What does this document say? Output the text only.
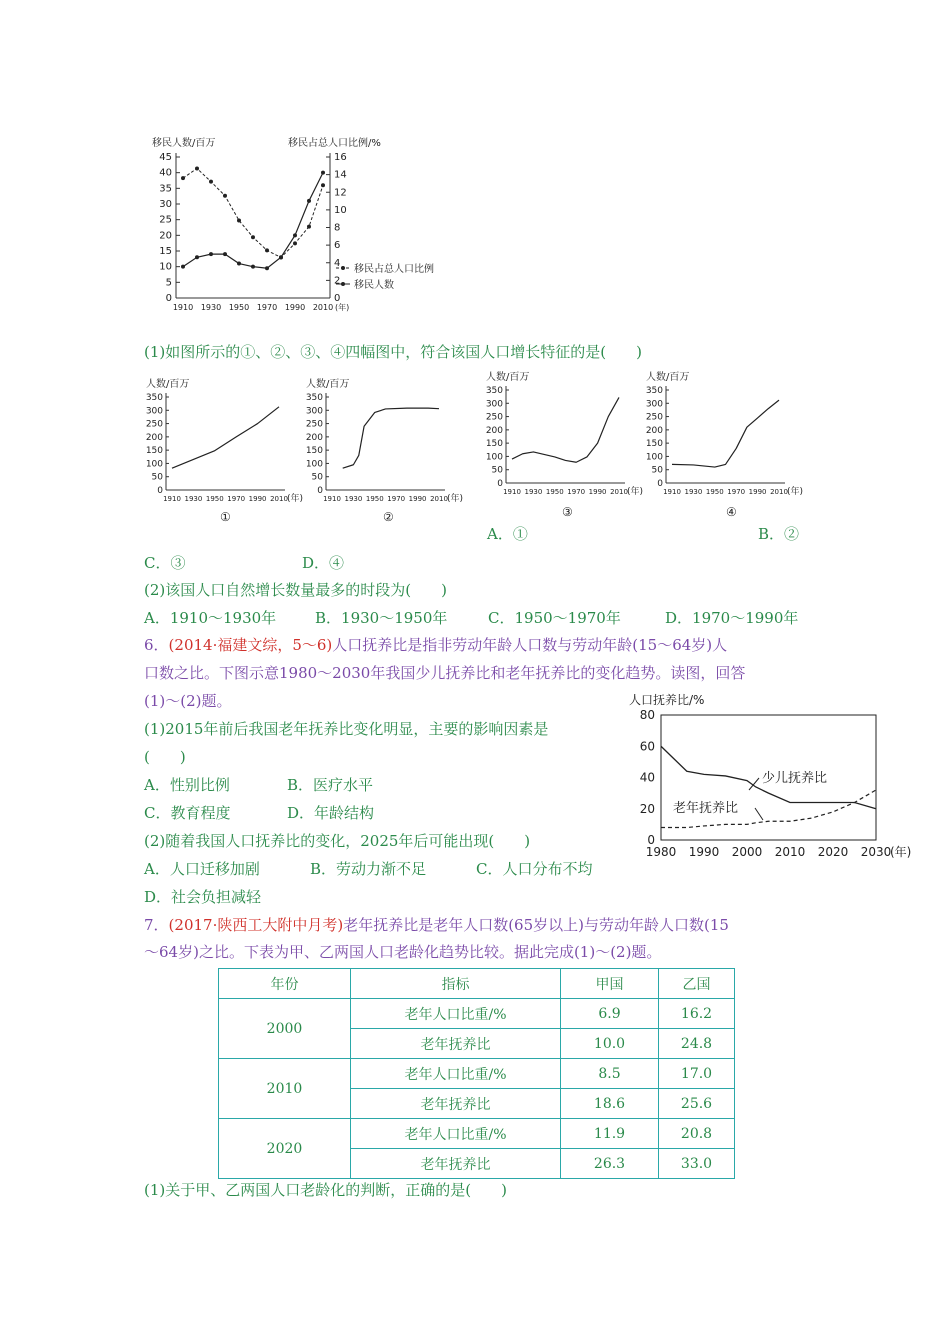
移民人数/百万	移民占总人口比例/%
0
5
10
15
20
25
30
35
40
45
0
2
4
6
8
10
12
14
16
1910 1930 1950 1970 1990 2010 (年)
移民占总人口比例
移民人数
(1)如图所示的①、②、③、④四幅图中，符合该国人口增长特征的是(　　)
人数/百万
0
50
100
150
200
250
300
350
1910 1930 1950 1970 1990 2010 (年)
人数/百万
0
50
100
150
200
250
300
350
1910 1930 1950 1970 1990 2010 (年)
人数/百万
0
50
100
150
200
250
300
350
1910 1930 1950 1970 1990 2010 (年)
人数/百万
0
50
100
150
200
250
300
350
1910 1930 1950 1970 1990 2010 (年)
①	②	③	④
A．①	B．②
C．③	D．④
(2)该国人口自然增长数量最多的时段为(　　)
A．1910～1930年	B．1930～1950年	C．1950～1970年	D．1970～1990年
6．(2014·福建文综，5～6)人口抚养比是指非劳动年龄人口数与劳动年龄(15～64岁)人
口数之比。下图示意1980～2030年我国少儿抚养比和老年抚养比的变化趋势。读图，回答
(1)～(2)题。
(1)2015年前后我国老年抚养比变化明显，主要的影响因素是
(　　)
A．性别比例	B．医疗水平
C．教育程度	D．年龄结构
(2)随着我国人口抚养比的变化，2025年后可能出现(　　)
A．人口迁移加剧	B．劳动力渐不足	C．人口分布不均
D．社会负担减轻
人口抚养比/%
0
20
40
60
80
1980 1990 2000 2010 2020 2030
(年)
少儿抚养比
老年抚养比
7．(2017·陕西工大附中月考)老年抚养比是老年人口数(65岁以上)与劳动年龄人口数(15
～64岁)之比。下表为甲、乙两国人口老龄化趋势比较。据此完成(1)～(2)题。
年份	指标	甲国	乙国
2000	老年人口比重/%	6.9	16.2
	老年抚养比	10.0	24.8
2010	老年人口比重/%	8.5	17.0
	老年抚养比	18.6	25.6
2020	老年人口比重/%	11.9	20.8
	老年抚养比	26.3	33.0
(1)关于甲、乙两国人口老龄化的判断，正确的是(　　)
